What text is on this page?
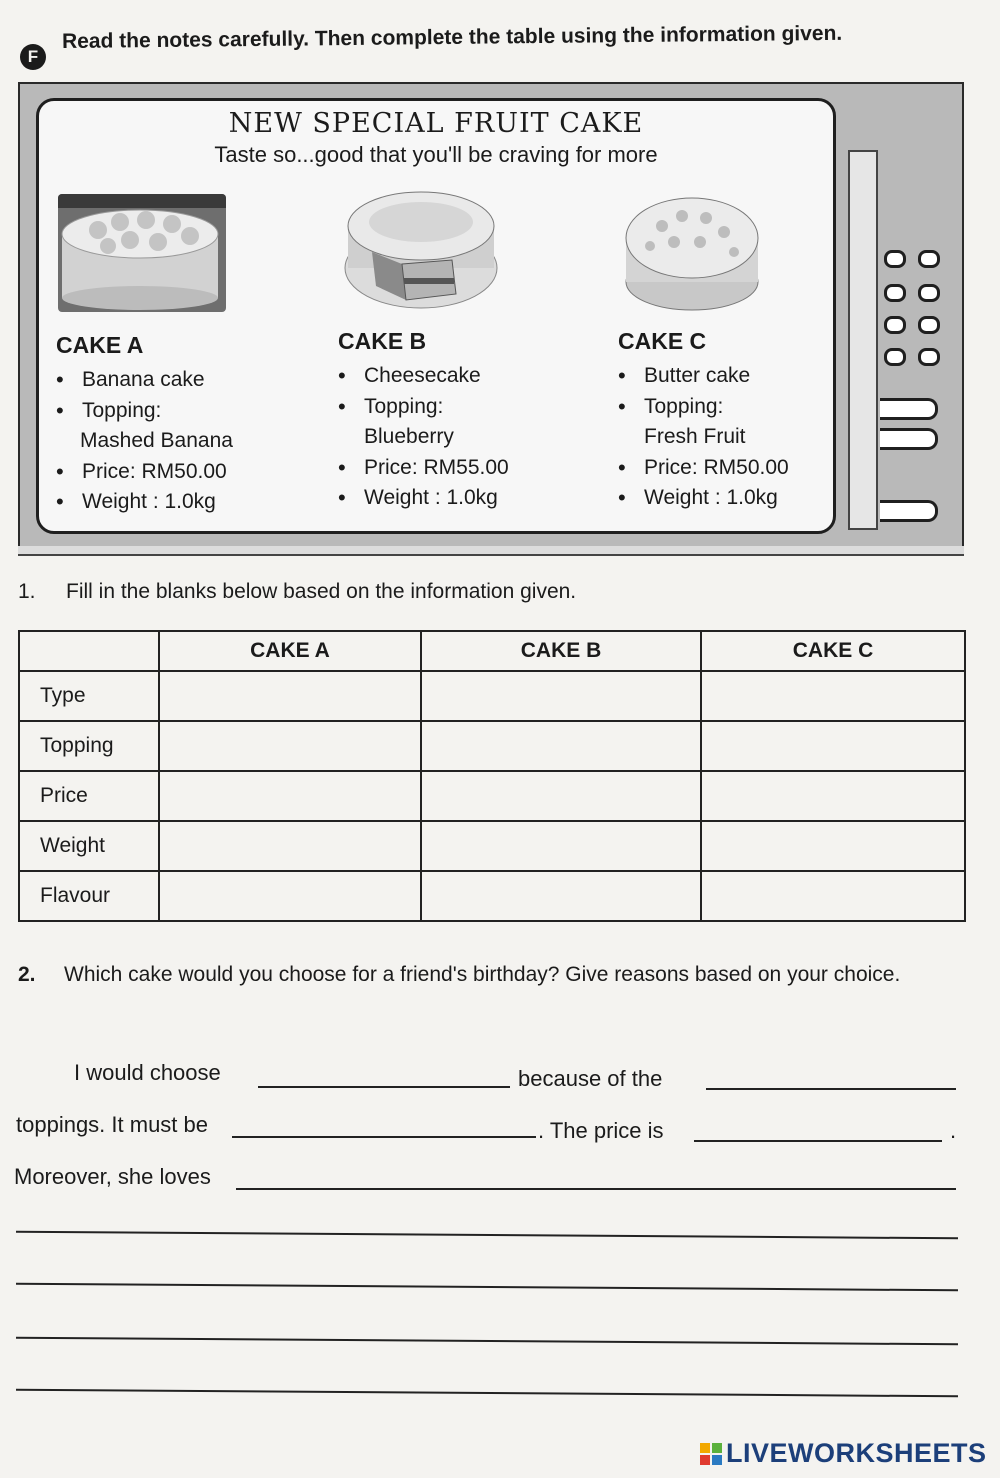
F
Read the notes carefully. Then complete the table using the information given.
NEW SPECIAL FRUIT CAKE
Taste so...good that you'll be craving for more
CAKE A
• Banana cake
• Topping:
Mashed Banana
• Price: RM50.00
• Weight : 1.0kg
CAKE B
• Cheesecake
• Topping:
Blueberry
• Price: RM55.00
• Weight : 1.0kg
CAKE C
• Butter cake
• Topping:
Fresh Fruit
• Price: RM50.00
• Weight : 1.0kg
1. Fill in the blanks below based on the information given.
	CAKE A	CAKE B	CAKE C
Type			
Topping			
Price			
Weight			
Flavour			
2. Which cake would you choose for a friend's birthday? Give reasons based on your choice.
I would choose	because of the
toppings. It must be	. The price is	.
Moreover, she loves
LIVEWORKSHEETS
